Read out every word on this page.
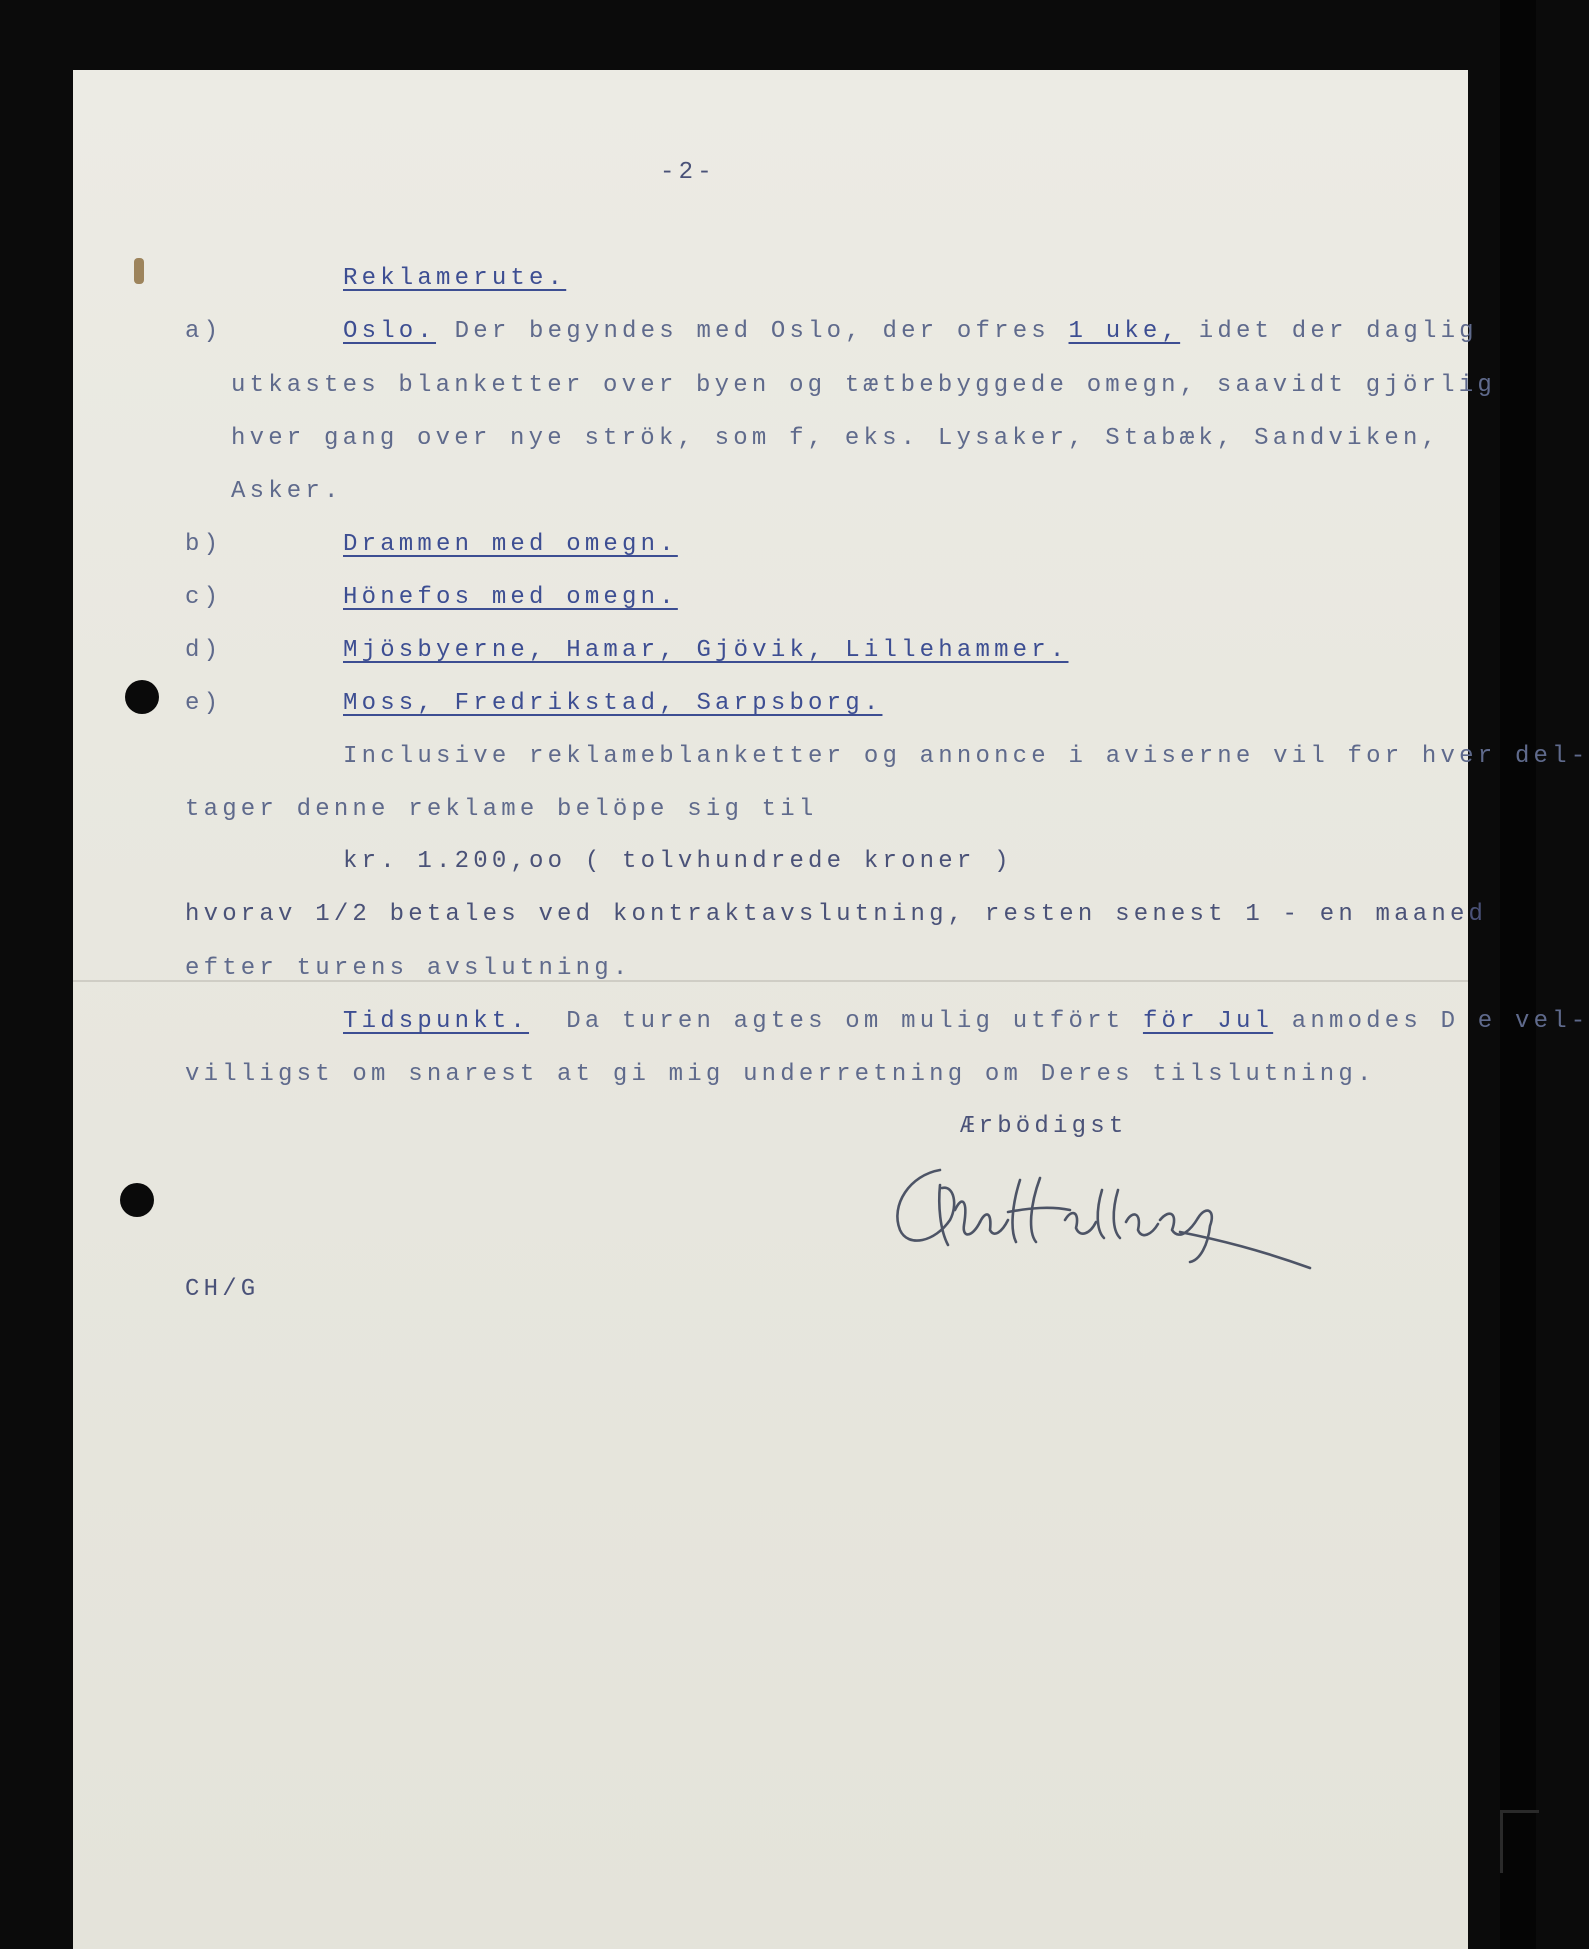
-2-

Reklamerute.

a)	Oslo. Der begyndes med Oslo, der ofres 1 uke, idet der daglig

utkastes blanketter over byen og tætbebyggede omegn, saavidt gjörlig

hver gang over nye strök, som f, eks. Lysaker, Stabæk, Sandviken,

Asker.

b)	Drammen med omegn.

c)	Hönefos med omegn.

d)	Mjösbyerne, Hamar, Gjövik, Lillehammer.

e)	Moss, Fredrikstad, Sarpsborg.

Inclusive reklameblanketter og annonce i aviserne vil for hver del-

tager denne reklame belöpe sig til

kr. 1.200,oo ( tolvhundrede kroner )

hvorav 1/2 betales ved kontraktavslutning, resten senest 1 - en maaned

efter turens avslutning.

Tidspunkt. Da turen agtes om mulig utfört för Jul anmodes D e vel-

villigst om snarest at gi mig underretning om Deres tilslutning.

Ærbödigst

CH/G
